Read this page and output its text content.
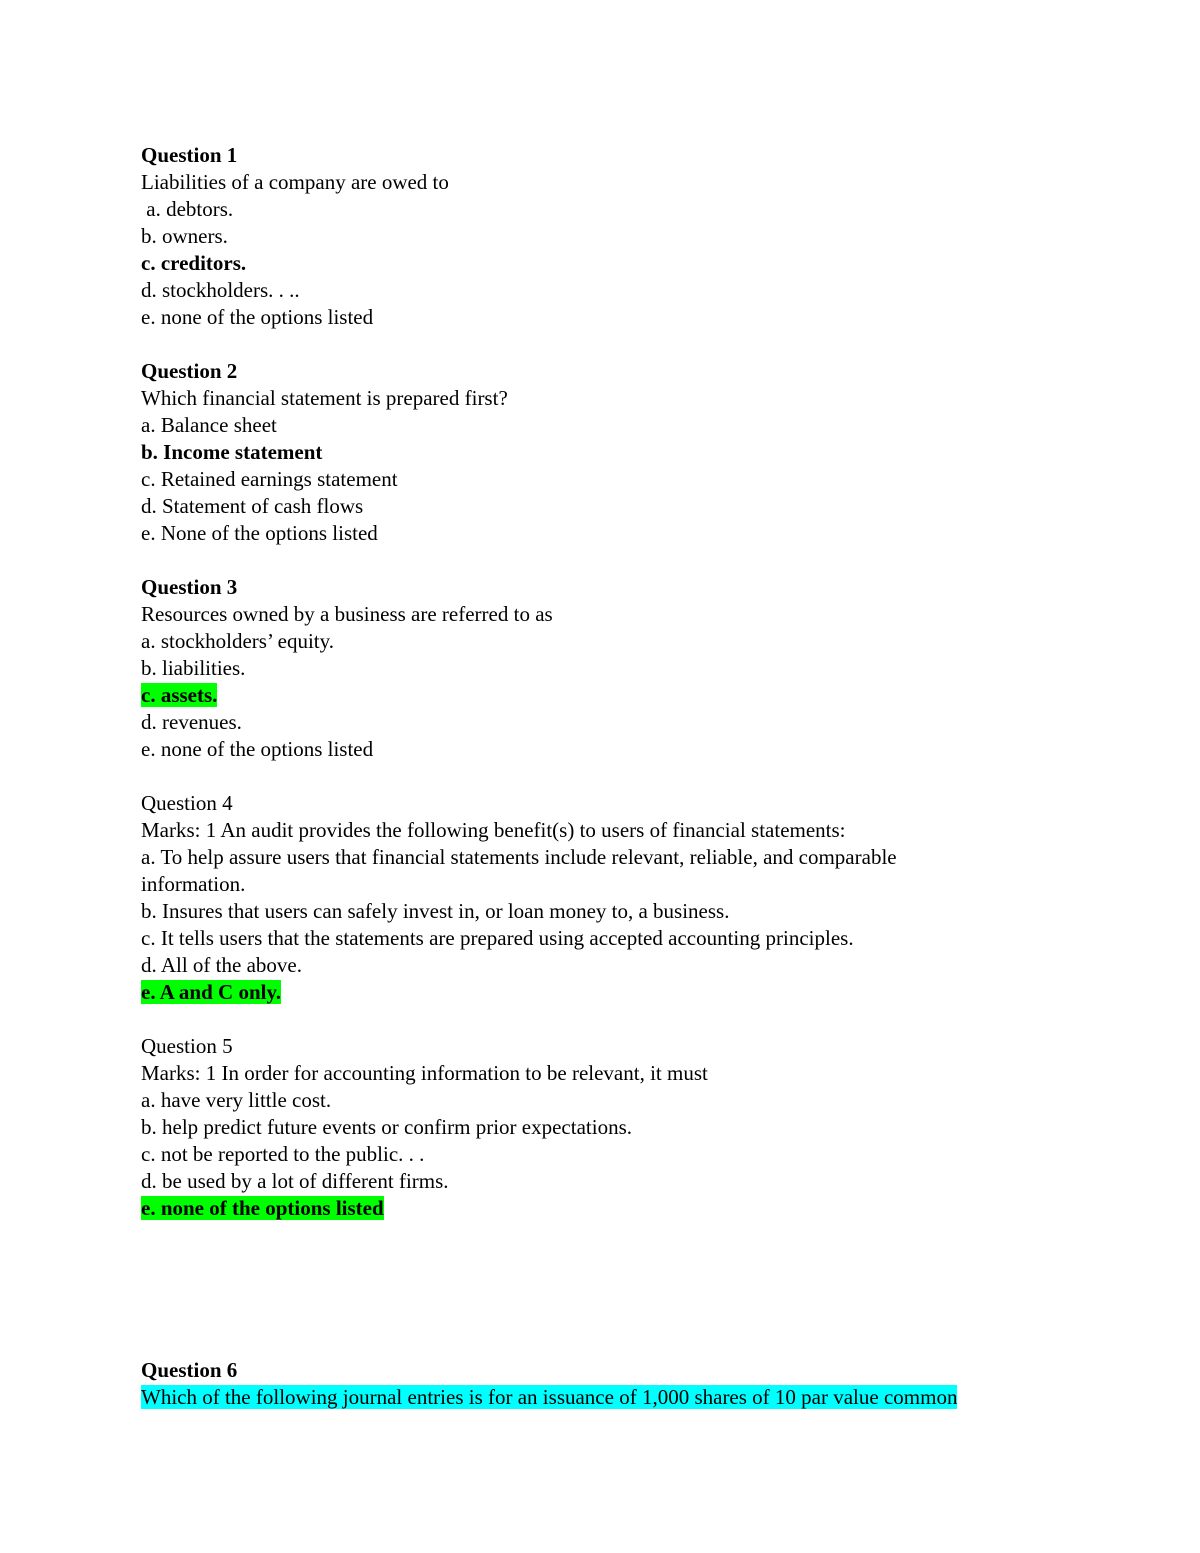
Question 1
Liabilities of a company are owed to
a. debtors.
b. owners.
c. creditors.
d. stockholders. . ..
e. none of the options listed
Question 2
Which financial statement is prepared first?
a. Balance sheet
b. Income statement
c. Retained earnings statement
d. Statement of cash flows
e. None of the options listed
Question 3
Resources owned by a business are referred to as
a. stockholders’ equity.
b. liabilities.
c. assets.
d. revenues.
e. none of the options listed
Question 4
Marks: 1 An audit provides the following benefit(s) to users of financial statements:
a. To help assure users that financial statements include relevant, reliable, and comparable information.
b. Insures that users can safely invest in, or loan money to, a business.
c. It tells users that the statements are prepared using accepted accounting principles.
d. All of the above.
e. A and C only.
Question 5
Marks: 1 In order for accounting information to be relevant, it must
a. have very little cost.
b. help predict future events or confirm prior expectations.
c. not be reported to the public. . .
d. be used by a lot of different firms.
e. none of the options listed
Question 6
Which of the following journal entries is for an issuance of 1,000 shares of 10 par value common
